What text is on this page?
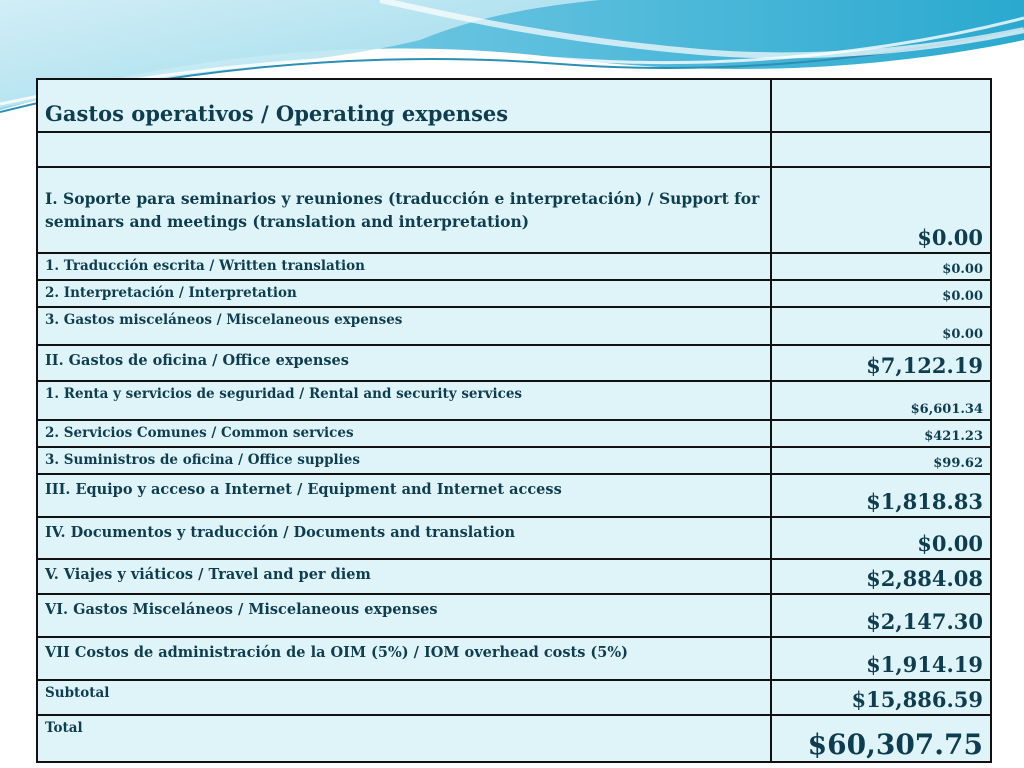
Gastos operativos / Operating expenses	

I. Soporte para seminarios y reuniones (traducción e interpretación) / Support for seminars and meetings (translation and interpretation)	$0.00
1. Traducción escrita / Written translation	$0.00
2. Interpretación / Interpretation	$0.00
3. Gastos misceláneos / Miscelaneous expenses	$0.00
II. Gastos de oficina / Office expenses	$7,122.19
1. Renta y servicios de seguridad / Rental and security services	$6,601.34
2. Servicios Comunes / Common services	$421.23
3. Suministros de oficina / Office supplies	$99.62
III. Equipo y acceso a Internet / Equipment and Internet access	$1,818.83
IV. Documentos y traducción / Documents and translation	$0.00
V. Viajes y viáticos / Travel and per diem	$2,884.08
VI. Gastos Misceláneos / Miscelaneous expenses	$2,147.30
VII Costos de administración de la OIM (5%) / IOM overhead costs (5%)	$1,914.19
Subtotal	$15,886.59
Total	$60,307.75
